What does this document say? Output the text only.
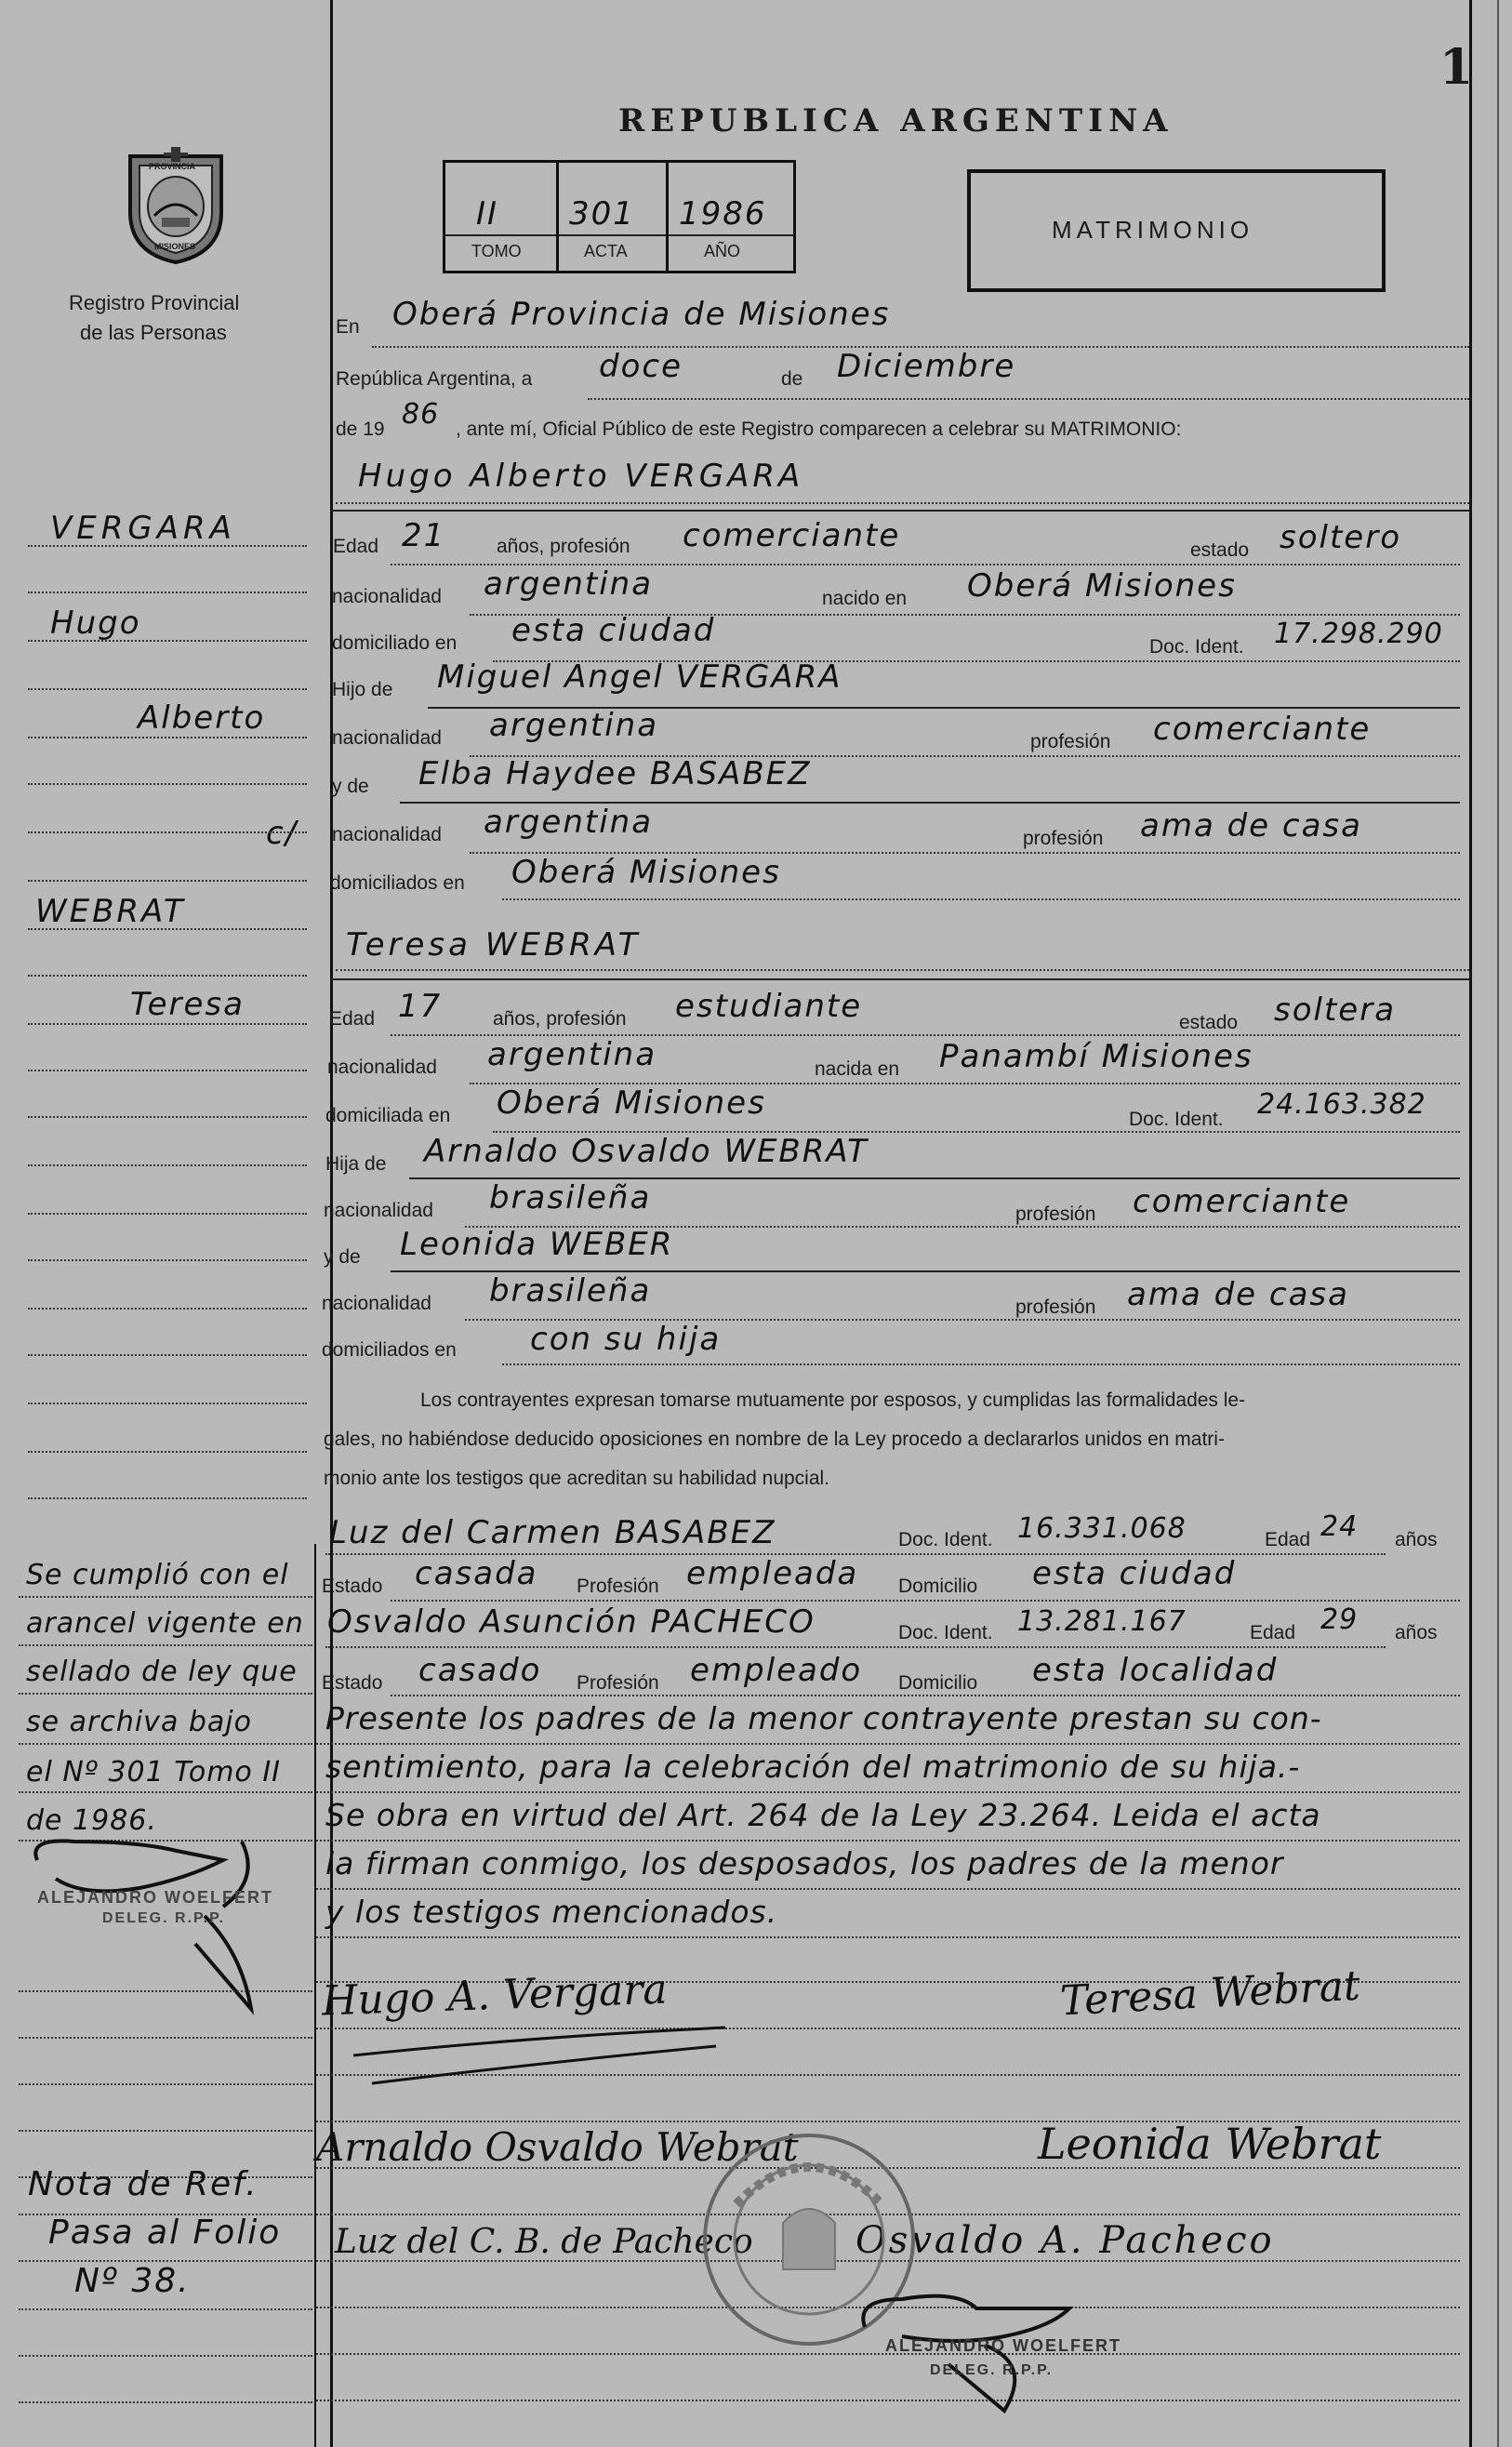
1
REPUBLICA ARGENTINA
PROVINCIA
MISIONES
Registro Provincial
de las Personas
II 301 1986
TOMO	ACTA	AÑO
MATRIMONIO
En Oberá Provincia de Misiones
República Argentina, a doce	de Diciembre
de 19 86 , ante mí, Oficial Público de este Registro comparecen a celebrar su MATRIMONIO:
Hugo Alberto VERGARA
Edad 21	años, profesión comerciante	estado soltero
nacionalidad argentina	nacido en Oberá Misiones
domiciliado en esta ciudad	Doc. Ident. 17.298.290
Hijo de Miguel Angel VERGARA
nacionalidad argentina	profesión comerciante
y de Elba Haydee BASABEZ
nacionalidad argentina	profesión ama de casa
domiciliados en Oberá Misiones
Teresa WEBRAT
Edad 17	años, profesión estudiante	estado soltera
nacionalidad argentina	nacida en Panambí Misiones
domiciliada en Oberá Misiones	Doc. Ident. 24.163.382
Hija de Arnaldo Osvaldo WEBRAT
nacionalidad brasileña	profesión comerciante
y de Leonida WEBER
nacionalidad brasileña	profesión ama de casa
domiciliados en con su hija
Los contrayentes expresan tomarse mutuamente por esposos, y cumplidas las formalidades le-
gales, no habiéndose deducido oposiciones en nombre de la Ley procedo a declararlos unidos en matri-
monio ante los testigos que acreditan su habilidad nupcial.
Luz del Carmen BASABEZ	Doc. Ident. 16.331.068	Edad 24 años
Estado casada Profesión empleada Domicilio esta ciudad
Osvaldo Asunción PACHECO	Doc. Ident. 13.281.167	Edad 29 años
Estado casado Profesión empleado Domicilio esta localidad
Presente los padres de la menor contrayente prestan su con-
sentimiento, para la celebración del matrimonio de su hija.-
Se obra en virtud del Art. 264 de la Ley 23.264. Leida el acta
la firman conmigo, los desposados, los padres de la menor
y los testigos mencionados.
Hugo A. Vergara	Teresa Webrat
Arnaldo Osvaldo Webrat	Leonida Webrat
Luz del C. B. de Pacheco	Osvaldo A. Pacheco
ALEJANDRO WOELFERT
DELEG. R.P.P.
VERGARA
Hugo
Alberto
c/
WEBRAT
Teresa
Se cumplió con el
arancel vigente en
sellado de ley que
se archiva bajo
el Nº 301 Tomo II
de 1986.
ALEJANDRO WOELFERT
DELEG. R.P.P.
Nota de Ref.
Pasa al Folio
Nº 38.
